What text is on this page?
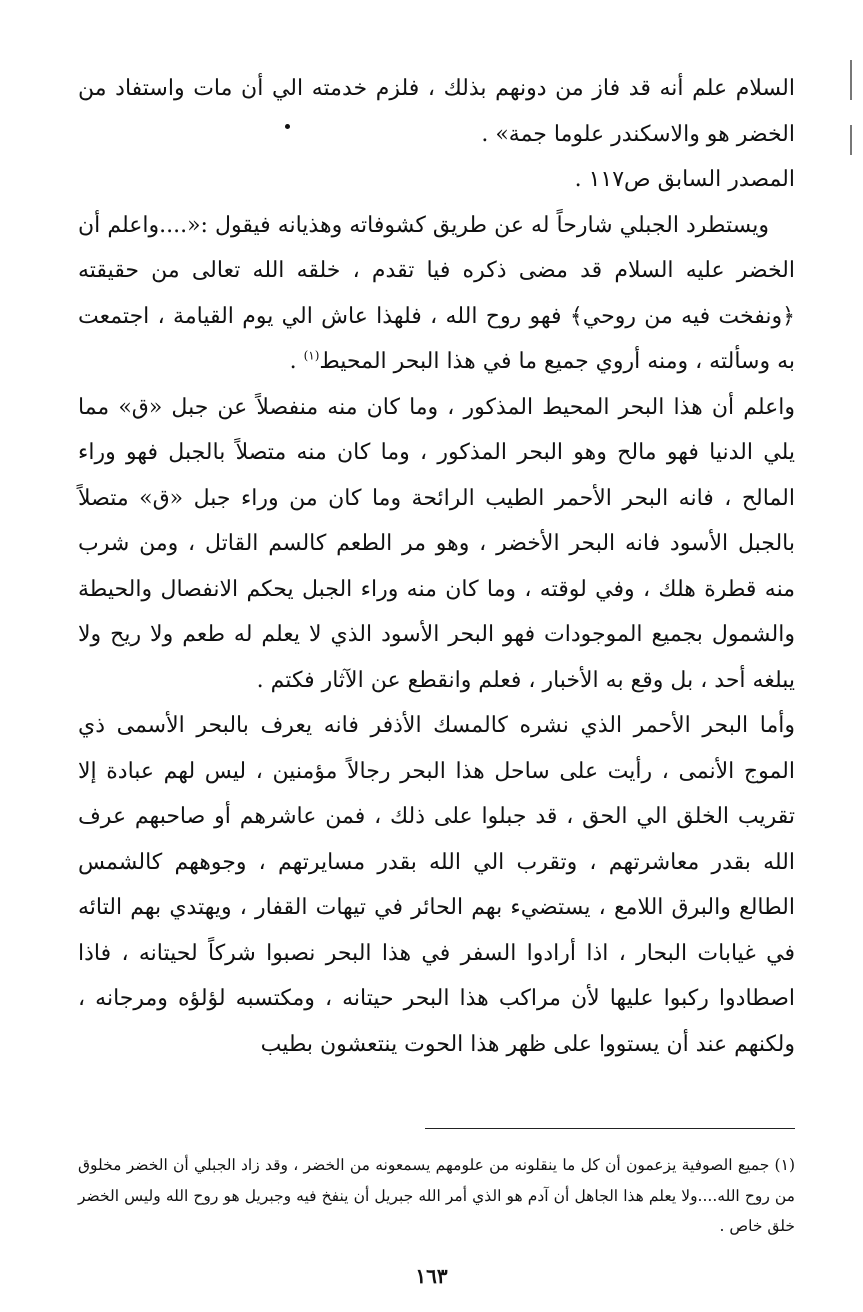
السلام علم أنه قد فاز من دونهم بذلك ، فلزم خدمته الي أن مات واستفاد من الخضر هو والاسكندر علوما جمة» .

المصدر السابق ص١١٧ .

ويستطرد الجبلي شارحاً له عن طريق كشوفاته وهذيانه فيقول :«....واعلم أن الخضر عليه السلام قد مضى ذكره فيا تقدم ، خلقه الله تعالى من حقيقته ﴿ونفخت فيه من روحي﴾ فهو روح الله ، فلهذا عاش الي يوم القيامة ، اجتمعت به وسألته ، ومنه أروي جميع ما في هذا البحر المحيط$^{(١)}$ .

واعلم أن هذا البحر المحيط المذكور ، وما كان منه منفصلاً عن جبل «ق» مما يلي الدنيا فهو مالح وهو البحر المذكور ، وما كان منه متصلاً بالجبل فهو وراء المالح ، فانه البحر الأحمر الطيب الرائحة وما كان من وراء جبل «ق» متصلاً بالجبل الأسود فانه البحر الأخضر ، وهو مر الطعم كالسم القاتل ، ومن شرب منه قطرة هلك ، وفي لوقته ، وما كان منه وراء الجبل يحكم الانفصال والحيطة والشمول بجميع الموجودات فهو البحر الأسود الذي لا يعلم له طعم ولا ريح ولا يبلغه أحد ، بل وقع به الأخبار ، فعلم وانقطع عن الآثار فكتم .

وأما البحر الأحمر الذي نشره كالمسك الأذفر فانه يعرف بالبحر الأسمى ذي الموج الأنمى ، رأيت على ساحل هذا البحر رجالاً مؤمنين ، ليس لهم عبادة إلا تقريب الخلق الي الحق ، قد جبلوا على ذلك ، فمن عاشرهم أو صاحبهم عرف الله بقدر معاشرتهم ، وتقرب الي الله بقدر مسايرتهم ، وجوههم كالشمس الطالع والبرق اللامع ، يستضيء بهم الحائر في تيهات القفار ، ويهتدي بهم التائه في غيابات البحار ، اذا أرادوا السفر في هذا البحر نصبوا شركاً لحيتانه ، فاذا اصطادوا ركبوا عليها لأن مراكب هذا البحر حيتانه ، ومكتسبه لؤلؤه ومرجانه ، ولكنهم عند أن يستووا على ظهر هذا الحوت ينتعشون بطيب

(١) جميع الصوفية يزعمون أن كل ما ينقلونه من علومهم يسمعونه من الخضر ، وقد زاد الجبلي أن الخضر مخلوق من روح الله....ولا يعلم هذا الجاهل أن آدم هو الذي أمر الله جبريل أن ينفخ فيه وجبريل هو روح الله وليس الخضر خلق خاص .

١٦٣
